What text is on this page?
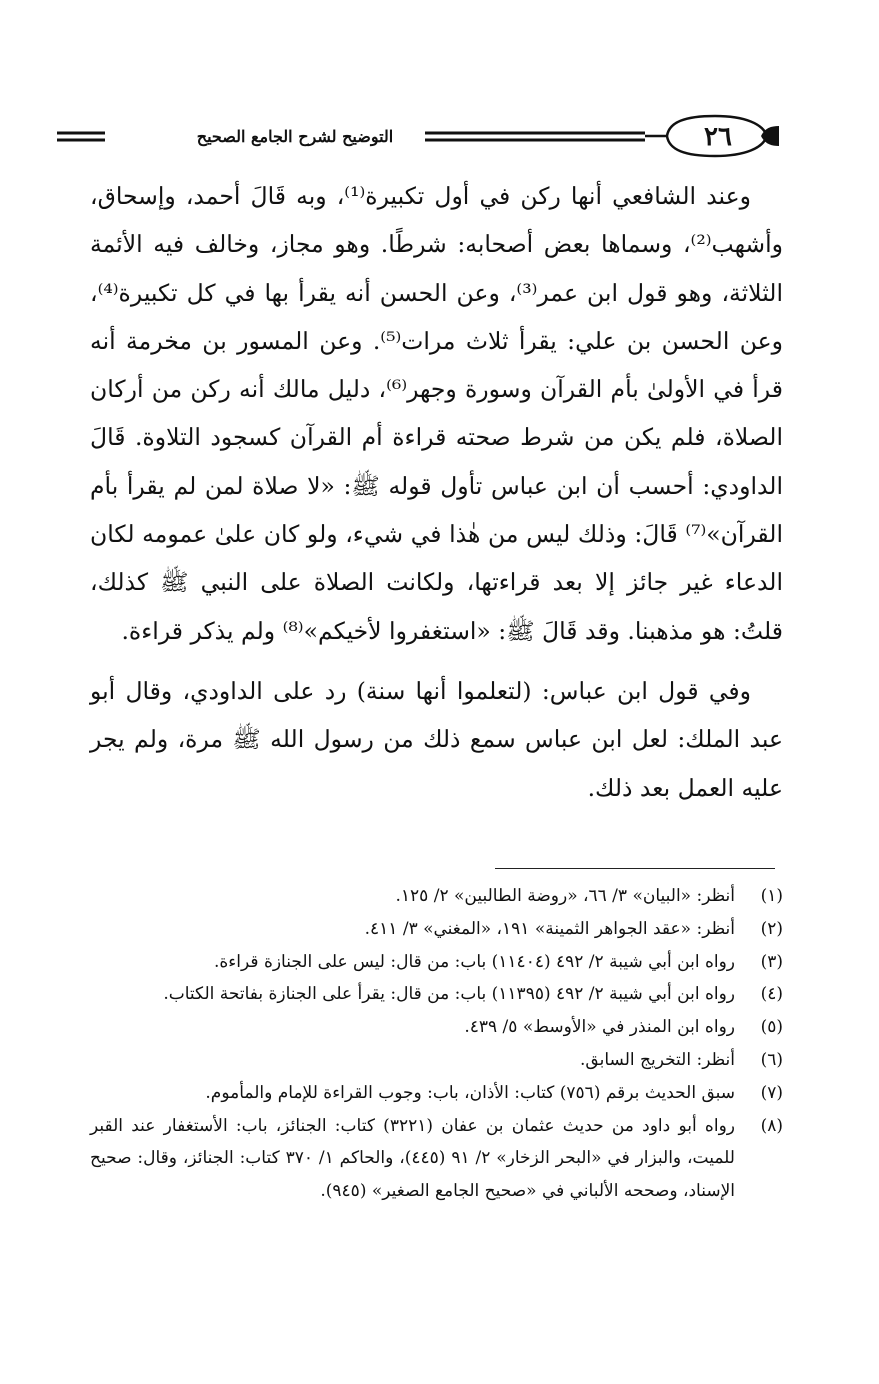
٢٦
التوضيح لشرح الجامع الصحيح

وعند الشافعي أنها ركن في أول تكبيرة⁽¹⁾، وبه قَالَ أحمد، وإسحاق، وأشهب⁽²⁾، وسماها بعض أصحابه: شرطًا. وهو مجاز، وخالف فيه الأئمة الثلاثة، وهو قول ابن عمر⁽³⁾، وعن الحسن أنه يقرأ بها في كل تكبيرة⁽⁴⁾، وعن الحسن بن علي: يقرأ ثلاث مرات⁽⁵⁾. وعن المسور بن مخرمة أنه قرأ في الأولىٰ بأم القرآن وسورة وجهر⁽⁶⁾، دليل مالك أنه ركن من أركان الصلاة، فلم يكن من شرط صحته قراءة أم القرآن كسجود التلاوة. قَالَ الداودي: أحسب أن ابن عباس تأول قوله ﷺ: «لا صلاة لمن لم يقرأ بأم القرآن»⁽⁷⁾ قَالَ: وذلك ليس من هٰذا في شيء، ولو كان علىٰ عمومه لكان الدعاء غير جائز إلا بعد قراءتها، ولكانت الصلاة على النبي ﷺ كذلك، قلتُ: هو مذهبنا. وقد قَالَ ﷺ: «استغفروا لأخيكم»⁽⁸⁾ ولم يذكر قراءة.

وفي قول ابن عباس: (لتعلموا أنها سنة) رد على الداودي، وقال أبو عبد الملك: لعل ابن عباس سمع ذلك من رسول الله ﷺ مرة، ولم يجر عليه العمل بعد ذلك.

(١)
أنظر: «البيان» ٣/ ٦٦، «روضة الطالبين» ٢/ ١٢٥.
(٢)
أنظر: «عقد الجواهر الثمينة» ١٩١، «المغني» ٣/ ٤١١.
(٣)
رواه ابن أبي شيبة ٢/ ٤٩٢ (١١٤٠٤) باب: من قال: ليس على الجنازة قراءة.
(٤)
رواه ابن أبي شيبة ٢/ ٤٩٢ (١١٣٩٥) باب: من قال: يقرأ على الجنازة بفاتحة الكتاب.
(٥)
رواه ابن المنذر في «الأوسط» ٥/ ٤٣٩.
(٦)
أنظر: التخريج السابق.
(٧)
سبق الحديث برقم (٧٥٦) كتاب: الأذان، باب: وجوب القراءة للإمام والمأموم.
(٨)
رواه أبو داود من حديث عثمان بن عفان (٣٢٢١) كتاب: الجنائز، باب: الأستغفار عند القبر للميت، والبزار في «البحر الزخار» ٢/ ٩١ (٤٤٥)، والحاكم ١/ ٣٧٠ كتاب: الجنائز، وقال: صحيح الإسناد، وصححه الألباني في «صحيح الجامع الصغير» (٩٤٥).
